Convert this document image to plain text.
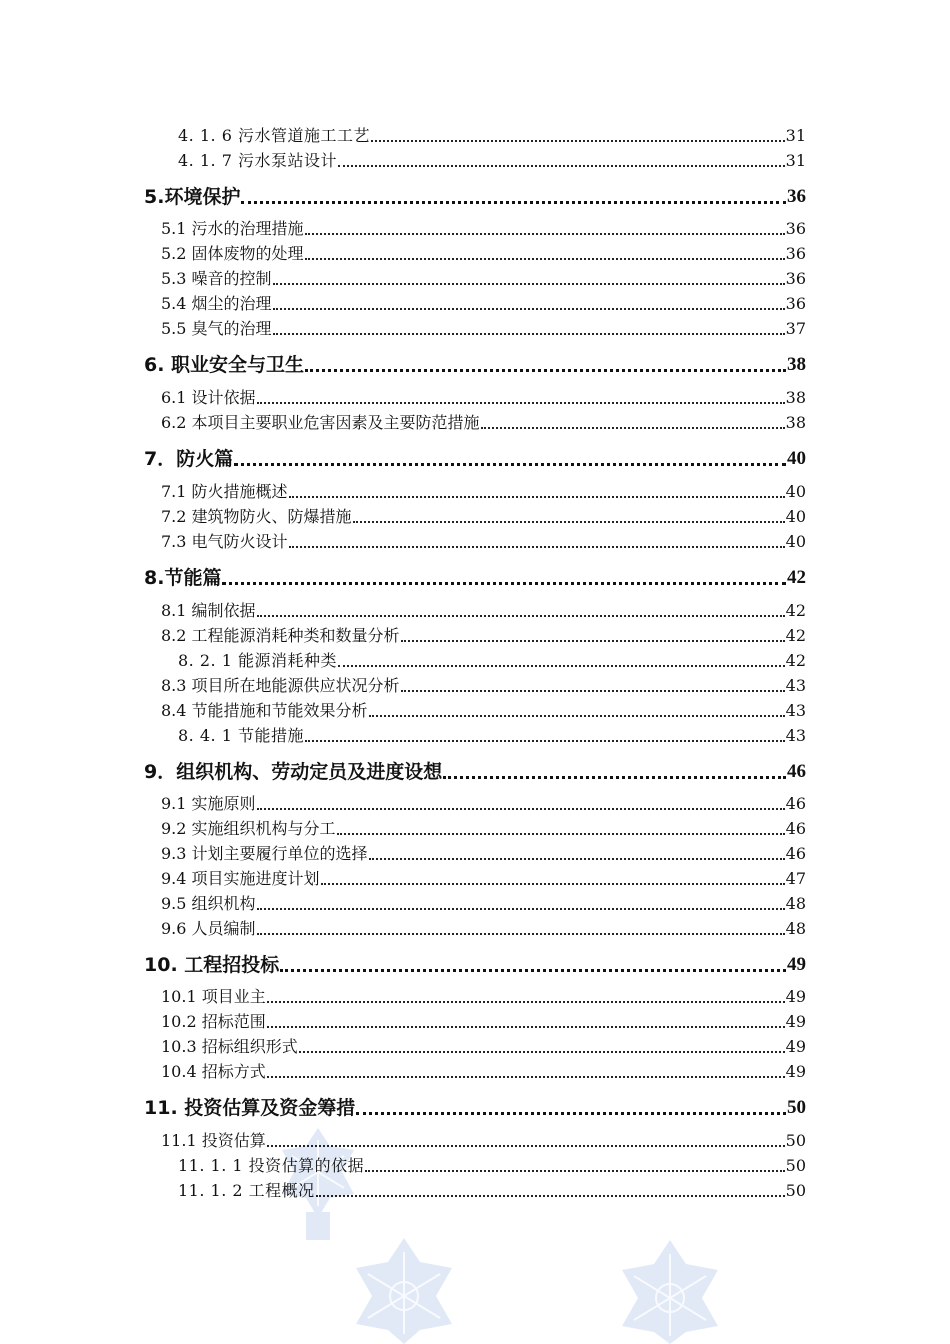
4. 1. 6 污水管道施工工艺	31
4. 1. 7 污水泵站设计	31
5.环境保护	36
5.1 污水的治理措施	36
5.2 固体废物的处理	36
5.3 噪音的控制	36
5.4 烟尘的治理	36
5.5 臭气的治理	37
6. 职业安全与卫生	38
6.1 设计依据	38
6.2 本项目主要职业危害因素及主要防范措施	38
7．防火篇	40
7.1 防火措施概述	40
7.2 建筑物防火、防爆措施	40
7.3 电气防火设计	40
8.节能篇	42
8.1 编制依据	42
8.2 工程能源消耗种类和数量分析	42
8. 2. 1 能源消耗种类	42
8.3 项目所在地能源供应状况分析	43
8.4 节能措施和节能效果分析	43
8. 4. 1 节能措施	43
9．组织机构、劳动定员及进度设想	46
9.1 实施原则	46
9.2 实施组织机构与分工	46
9.3 计划主要履行单位的选择	46
9.4 项目实施进度计划	47
9.5 组织机构	48
9.6 人员编制	48
10. 工程招投标	49
10.1 项目业主	49
10.2 招标范围	49
10.3 招标组织形式	49
10.4 招标方式	49
11. 投资估算及资金筹措	50
11.1 投资估算	50
11. 1. 1 投资估算的依据	50
11. 1. 2 工程概况	50
